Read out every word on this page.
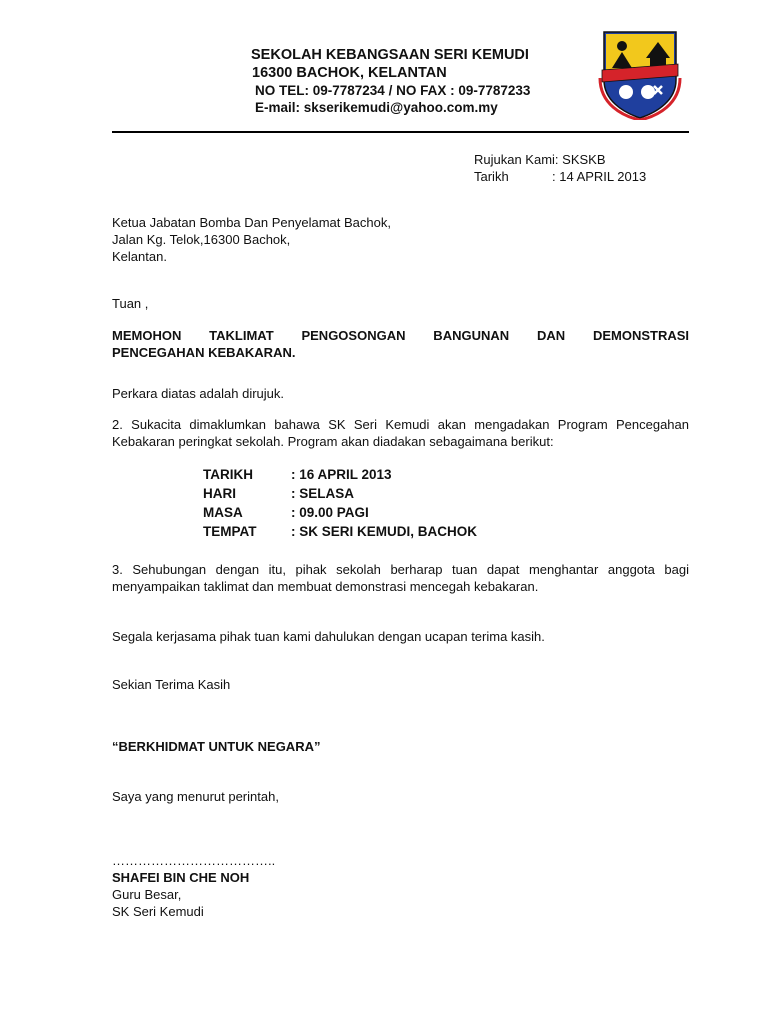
SEKOLAH KEBANGSAAN SERI KEMUDI
16300 BACHOK, KELANTAN
NO TEL: 09-7787234 / NO FAX : 09-7787233
E-mail: skserikemudi@yahoo.com.my
Rujukan Kami: SKSKB
Tarikh	: 14 APRIL 2013
Ketua Jabatan Bomba Dan Penyelamat Bachok,
Jalan Kg. Telok,16300 Bachok,
Kelantan.
Tuan ,
MEMOHON TAKLIMAT PENGOSONGAN BANGUNAN DAN DEMONSTRASI
PENCEGAHAN KEBAKARAN.
Perkara diatas adalah dirujuk.
2. Sukacita dimaklumkan bahawa SK Seri Kemudi akan mengadakan Program Pencegahan Kebakaran peringkat sekolah. Program akan diadakan sebagaimana berikut:
TARIKH	: 16 APRIL 2013
HARI	: SELASA
MASA	: 09.00 PAGI
TEMPAT	: SK SERI KEMUDI, BACHOK
3. Sehubungan dengan itu, pihak sekolah berharap tuan dapat menghantar anggota bagi menyampaikan taklimat dan membuat demonstrasi mencegah kebakaran.
Segala kerjasama pihak tuan kami dahulukan dengan ucapan terima kasih.
Sekian Terima Kasih
“BERKHIDMAT UNTUK NEGARA”
Saya yang menurut perintah,
………………………………..
SHAFEI BIN CHE NOH
Guru Besar,
SK Seri Kemudi
